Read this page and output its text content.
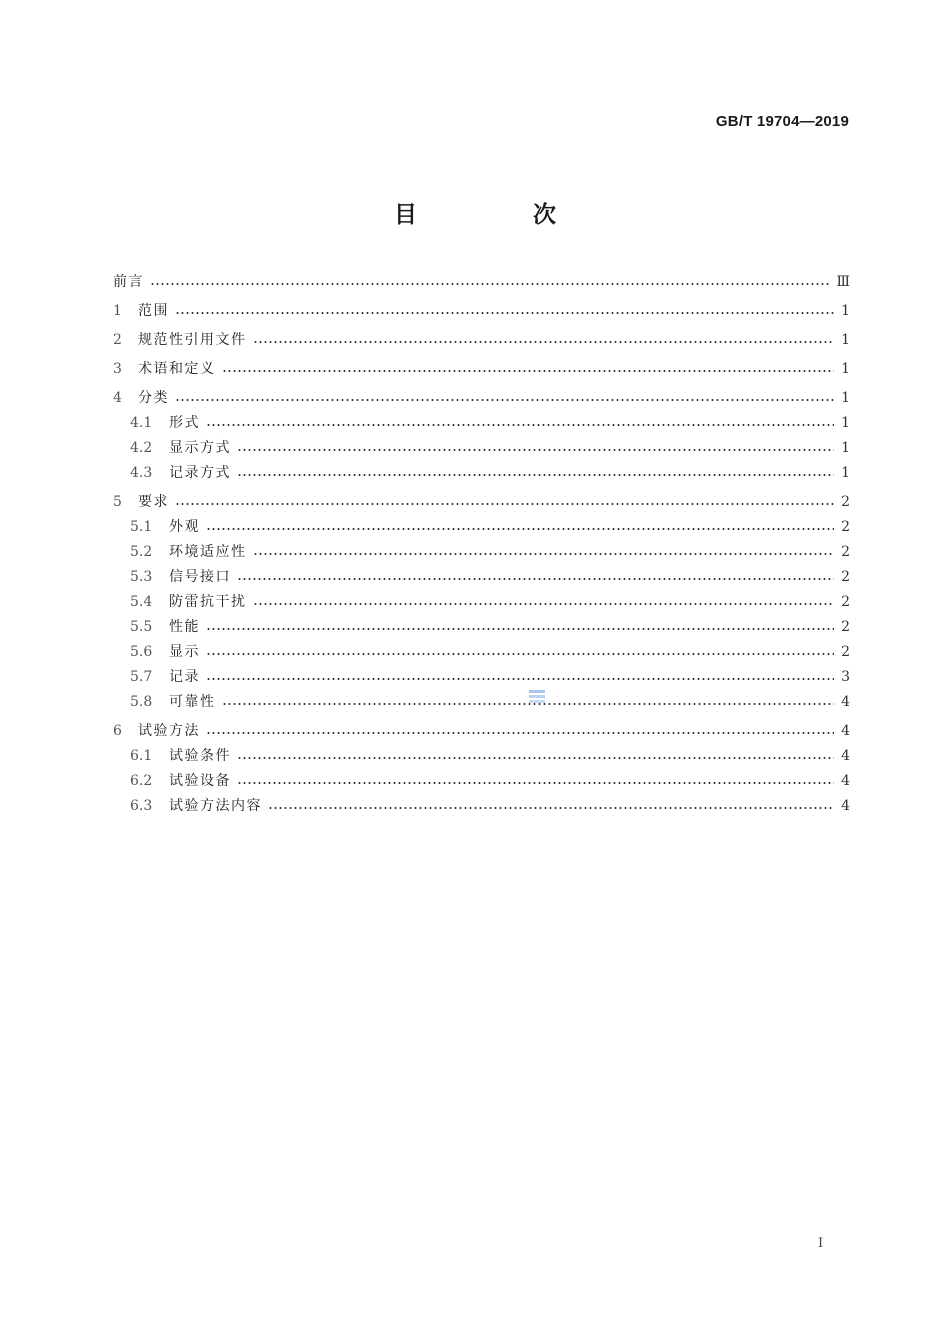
GB/T 19704—2019
目 次
前言	Ⅲ
1	范围	1
2	规范性引用文件	1
3	术语和定义	1
4	分类	1
4.1	形式	1
4.2	显示方式	1
4.3	记录方式	1
5	要求	2
5.1	外观	2
5.2	环境适应性	2
5.3	信号接口	2
5.4	防雷抗干扰	2
5.5	性能	2
5.6	显示	2
5.7	记录	3
5.8	可靠性	4
6	试验方法	4
6.1	试验条件	4
6.2	试验设备	4
6.3	试验方法内容	4
I
